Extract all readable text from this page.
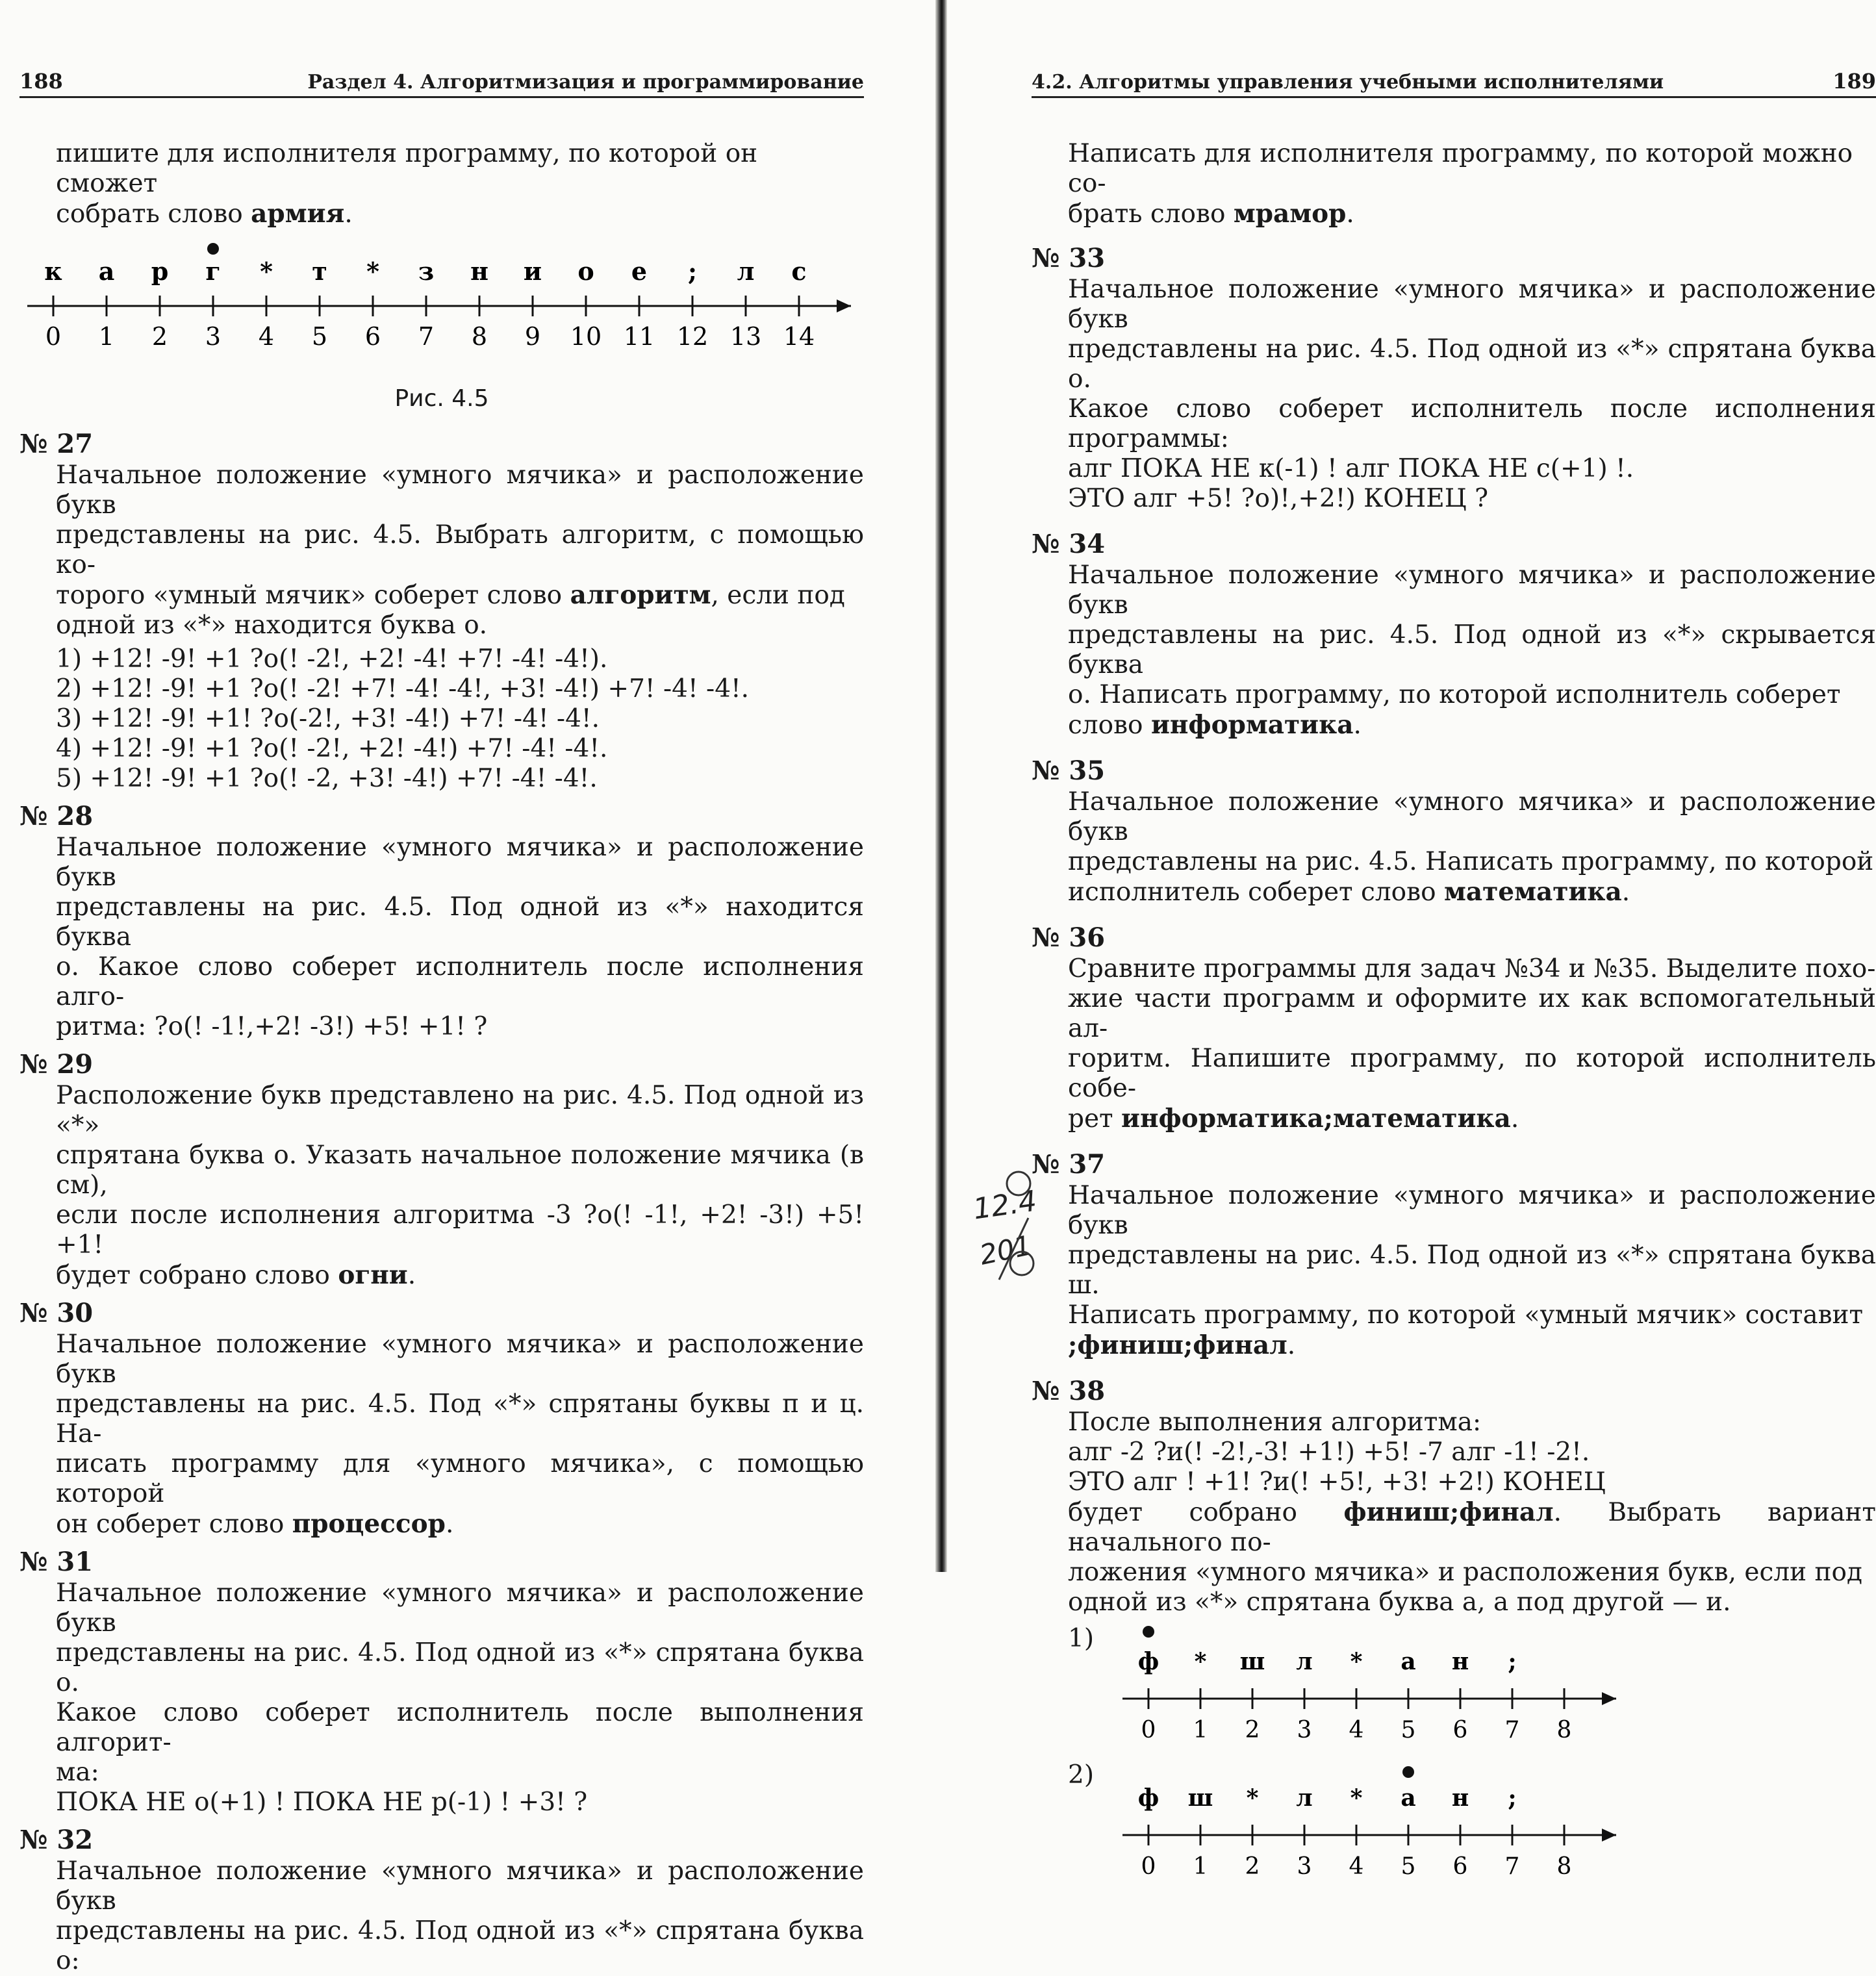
188	Раздел 4. Алгоритмизация и программирование
пишите для исполнителя программу, по которой он сможет
собрать слово армия.
0 1 2 3 4 5 6 7 8 9 10 11 12 13 14
к а р г * т * з н и о е ; л с
Рис. 4.5
№ 27

Начальное положение «умного мячика» и расположение букв

представлены на рис. 4.5. Выбрать алгоритм, с помощью ко-

торого «умный мячик» соберет слово алгоритм, если под

одной из «*» находится буква о.

1) +12! -9! +1 ?о(! -2!, +2! -4! +7! -4! -4!).

2) +12! -9! +1 ?о(! -2! +7! -4! -4!, +3! -4!) +7! -4! -4!.

3) +12! -9! +1! ?о(-2!, +3! -4!) +7! -4! -4!.

4) +12! -9! +1 ?о(! -2!, +2! -4!) +7! -4! -4!.

5) +12! -9! +1 ?о(! -2, +3! -4!) +7! -4! -4!.

№ 28

Начальное положение «умного мячика» и расположение букв

представлены на рис. 4.5. Под одной из «*» находится буква

о. Какое слово соберет исполнитель после исполнения алго-

ритма: ?о(! -1!,+2! -3!) +5! +1! ?

№ 29

Расположение букв представлено на рис. 4.5. Под одной из «*»

спрятана буква о. Указать начальное положение мячика (в см),

если после исполнения алгоритма -3 ?о(! -1!, +2! -3!) +5! +1!

будет собрано слово огни.

№ 30

Начальное положение «умного мячика» и расположение букв

представлены на рис. 4.5. Под «*» спрятаны буквы п и ц. На-

писать программу для «умного мячика», с помощью которой

он соберет слово процессор.

№ 31

Начальное положение «умного мячика» и расположение букв

представлены на рис. 4.5. Под одной из «*» спрятана буква о.

Какое слово соберет исполнитель после выполнения алгорит-

ма:

ПОКА НЕ о(+1) ! ПОКА НЕ р(-1) ! +3! ?

№ 32

Начальное положение «умного мячика» и расположение букв

представлены на рис. 4.5. Под одной из «*» спрятана буква о:

4.2. Алгоритмы управления учебными исполнителями	189
Написать для исполнителя программу, по которой можно со-
брать слово мрамор.
№ 33

Начальное положение «умного мячика» и расположение букв

представлены на рис. 4.5. Под одной из «*» спрятана буква о.

Какое слово соберет исполнитель после исполнения программы:

алг ПОКА НЕ к(-1) ! алг ПОКА НЕ с(+1) !.

ЭТО алг +5! ?о)!,+2!) КОНЕЦ ?

№ 34

Начальное положение «умного мячика» и расположение букв

представлены на рис. 4.5. Под одной из «*» скрывается буква

о. Написать программу, по которой исполнитель соберет

слово информатика.

№ 35

Начальное положение «умного мячика» и расположение букв

представлены на рис. 4.5. Написать программу, по которой

исполнитель соберет слово математика.

№ 36

Сравните программы для задач №34 и №35. Выделите похо-

жие части программ и оформите их как вспомогательный ал-

горитм. Напишите программу, по которой исполнитель собе-

рет информатика;математика.

№ 37

Начальное положение «умного мячика» и расположение букв

представлены на рис. 4.5. Под одной из «*» спрятана буква ш.

Написать программу, по которой «умный мячик» составит

;финиш;финал.

№ 38

После выполнения алгоритма:

алг -2 ?и(! -2!,-3! +1!) +5! -7 алг -1! -2!.

ЭТО алг ! +1! ?и(! +5!, +3! +2!) КОНЕЦ

будет собрано финиш;финал. Выбрать вариант начального по-

ложения «умного мячика» и расположения букв, если под

одной из «*» спрятана буква а, а под другой — и.

1)
0 1 2 3 4 5 6 7 8
ф * ш л * а н ;
2)
0 1 2 3 4 5 6 7 8
ф ш * л * а н ;
12.4
201
